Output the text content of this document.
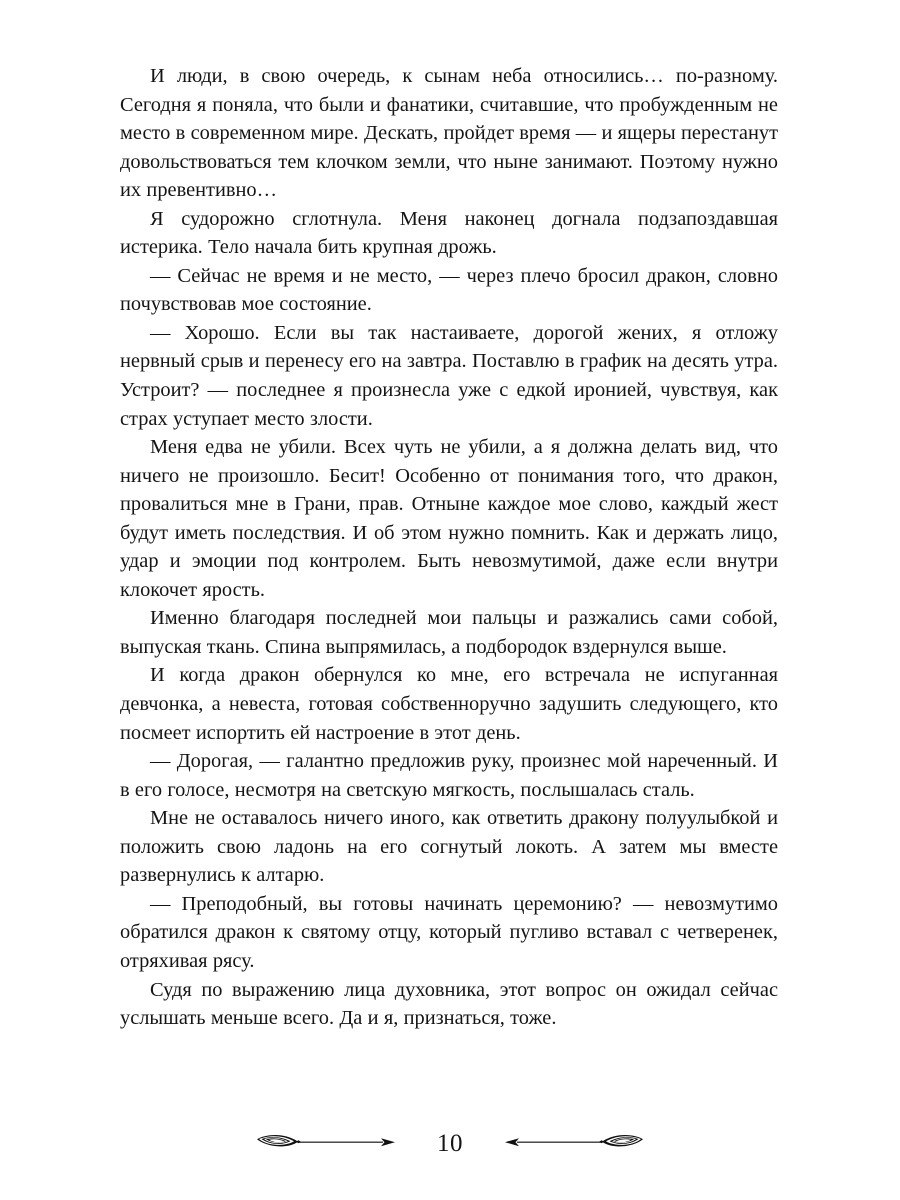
И люди, в свою очередь, к сынам неба относились… по-разному. Сегодня я поняла, что были и фанатики, считавшие, что пробужденным не место в современном мире. Дескать, пройдет время — и ящеры перестанут довольствоваться тем клочком земли, что ныне занимают. Поэтому нужно их превентивно…

Я судорожно сглотнула. Меня наконец догнала подзапоздавшая истерика. Тело начала бить крупная дрожь.

— Сейчас не время и не место, — через плечо бросил дракон, словно почувствовав мое состояние.

— Хорошо. Если вы так настаиваете, дорогой жених, я отложу нервный срыв и перенесу его на завтра. Поставлю в график на десять утра. Устроит? — последнее я произнесла уже с едкой иронией, чувствуя, как страх уступает место злости.

Меня едва не убили. Всех чуть не убили, а я должна делать вид, что ничего не произошло. Бесит! Особенно от понимания того, что дракон, провалиться мне в Грани, прав. Отныне каждое мое слово, каждый жест будут иметь последствия. И об этом нужно помнить. Как и держать лицо, удар и эмоции под контролем. Быть невозмутимой, даже если внутри клокочет ярость.

Именно благодаря последней мои пальцы и разжались сами собой, выпуская ткань. Спина выпрямилась, а подбородок вздернулся выше.

И когда дракон обернулся ко мне, его встречала не испуганная девчонка, а невеста, готовая собственноручно задушить следующего, кто посмеет испортить ей настроение в этот день.

— Дорогая, — галантно предложив руку, произнес мой нареченный. И в его голосе, несмотря на светскую мягкость, послышалась сталь.

Мне не оставалось ничего иного, как ответить дракону полуулыбкой и положить свою ладонь на его согнутый локоть. А затем мы вместе развернулись к алтарю.

— Преподобный, вы готовы начинать церемонию? — невозмутимо обратился дракон к святому отцу, который пугливо вставал с четверенек, отряхивая рясу.

Судя по выражению лица духовника, этот вопрос он ожидал сейчас услышать меньше всего. Да и я, признаться, тоже.

10
